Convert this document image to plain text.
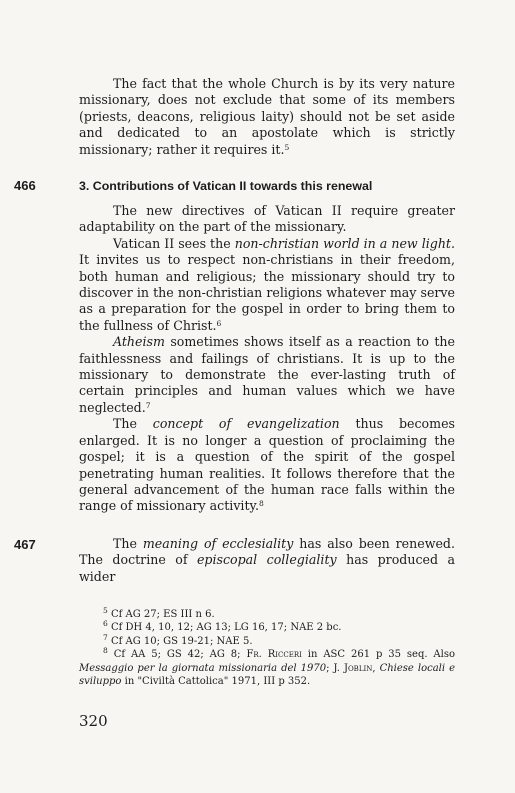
The fact that the whole Church is by its very nature missionary, does not exclude that some of its members (priests, deacons, religious laity) should not be set aside and dedicated to an apostolate which is strictly missionary; rather it requires it.$^5$

466	3. Contributions of Vatican II towards this renewal

The new directives of Vatican II require greater adaptability on the part of the missionary.

Vatican II sees the non-christian world in a new light. It invites us to respect non-christians in their freedom, both human and religious; the missionary should try to discover in the non-christian religions whatever may serve as a preparation for the gospel in order to bring them to the fullness of Christ.$^6$

Atheism sometimes shows itself as a reaction to the faithlessness and failings of christians. It is up to the missionary to demonstrate the ever-lasting truth of certain principles and human values which we have neglected.$^7$

The concept of evangelization thus becomes enlarged. It is no longer a question of proclaiming the gospel; it is a question of the spirit of the gospel penetrating human realities. It follows therefore that the general advancement of the human race falls within the range of missionary activity.$^8$

467	The meaning of ecclesiality has also been renewed. The doctrine of episcopal collegiality has produced a wider

$^5$ Cf AG 27; ES III n 6.

$^6$ Cf DH 4, 10, 12; AG 13; LG 16, 17; NAE 2 bc.

$^7$ Cf AG 10; GS 19-21; NAE 5.

$^8$ Cf AA 5; GS 42; AG 8; Fr. Ricceri in ASC 261 p 35 seq. Also Messaggio per la giornata missionaria del 1970; J. Joblin, Chiese locali e sviluppo in "Civiltà Cattolica" 1971, III p 352.

320
